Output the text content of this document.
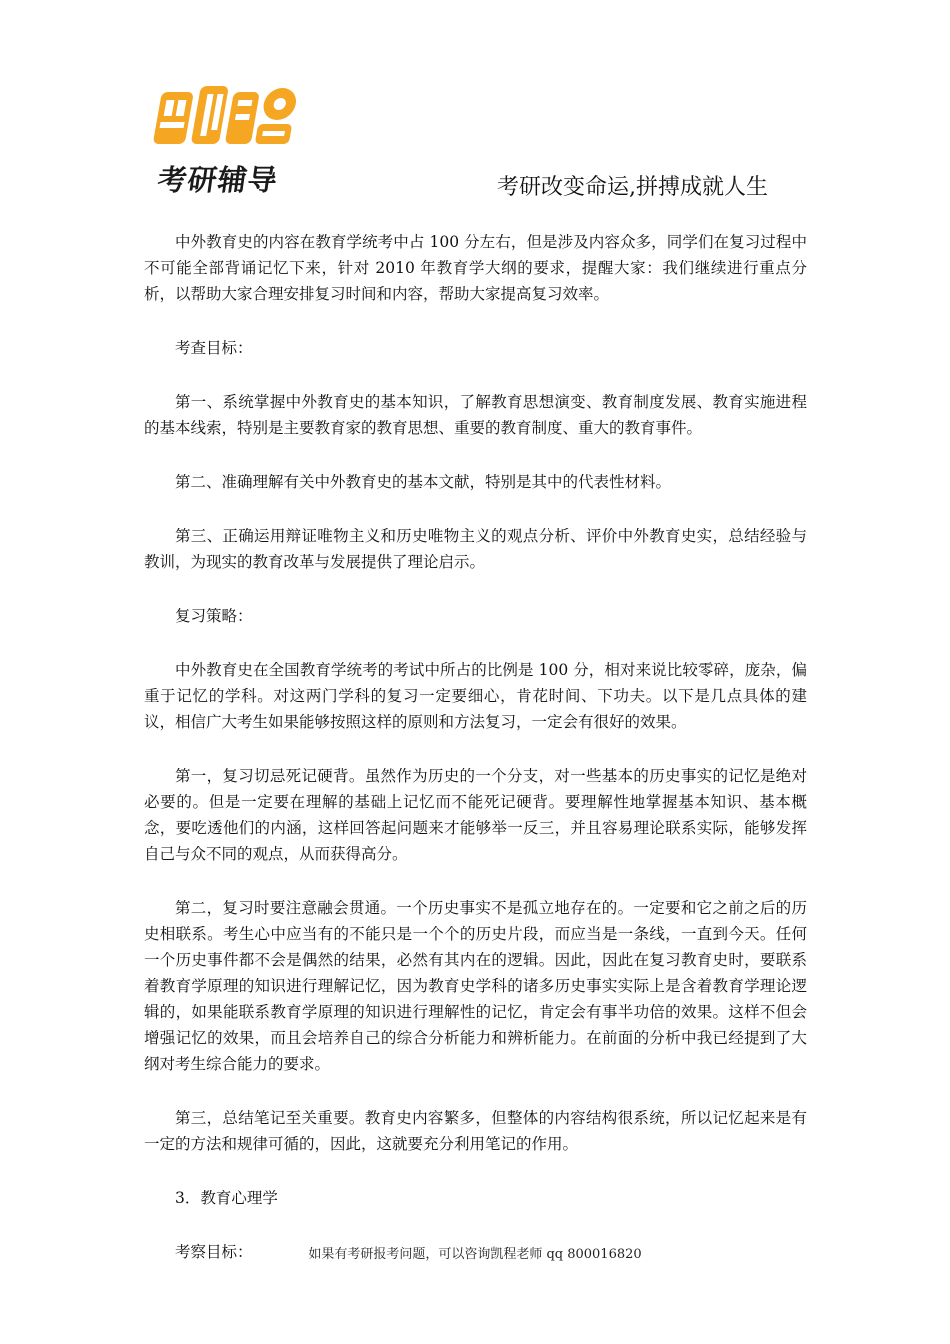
考研辅导	考研改变命运,拼搏成就人生

中外教育史的内容在教育学统考中占 100 分左右，但是涉及内容众多，同学们在复习过程中不可能全部背诵记忆下来，针对 2010 年教育学大纲的要求，提醒大家：我们继续进行重点分析，以帮助大家合理安排复习时间和内容，帮助大家提高复习效率。

考查目标：

第一、系统掌握中外教育史的基本知识，了解教育思想演变、教育制度发展、教育实施进程的基本线索，特别是主要教育家的教育思想、重要的教育制度、重大的教育事件。

第二、准确理解有关中外教育史的基本文献，特别是其中的代表性材料。

第三、正确运用辩证唯物主义和历史唯物主义的观点分析、评价中外教育史实，总结经验与教训，为现实的教育改革与发展提供了理论启示。

复习策略：

中外教育史在全国教育学统考的考试中所占的比例是 100 分，相对来说比较零碎，庞杂，偏重于记忆的学科。对这两门学科的复习一定要细心，肯花时间、下功夫。以下是几点具体的建议，相信广大考生如果能够按照这样的原则和方法复习，一定会有很好的效果。

第一，复习切忌死记硬背。虽然作为历史的一个分支，对一些基本的历史事实的记忆是绝对必要的。但是一定要在理解的基础上记忆而不能死记硬背。要理解性地掌握基本知识、基本概念，要吃透他们的内涵，这样回答起问题来才能够举一反三，并且容易理论联系实际，能够发挥自己与众不同的观点，从而获得高分。

第二，复习时要注意融会贯通。一个历史事实不是孤立地存在的。一定要和它之前之后的历史相联系。考生心中应当有的不能只是一个个的历史片段，而应当是一条线，一直到今天。任何一个历史事件都不会是偶然的结果，必然有其内在的逻辑。因此，因此在复习教育史时，要联系着教育学原理的知识进行理解记忆，因为教育史学科的诸多历史事实实际上是含着教育学理论逻辑的，如果能联系教育学原理的知识进行理解性的记忆，肯定会有事半功倍的效果。这样不但会增强记忆的效果，而且会培养自己的综合分析能力和辨析能力。在前面的分析中我已经提到了大纲对考生综合能力的要求。

第三，总结笔记至关重要。教育史内容繁多，但整体的内容结构很系统，所以记忆起来是有一定的方法和规律可循的，因此，这就要充分利用笔记的作用。

3．教育心理学

考察目标：	如果有考研报考问题，可以咨询凯程老师 qq 800016820
